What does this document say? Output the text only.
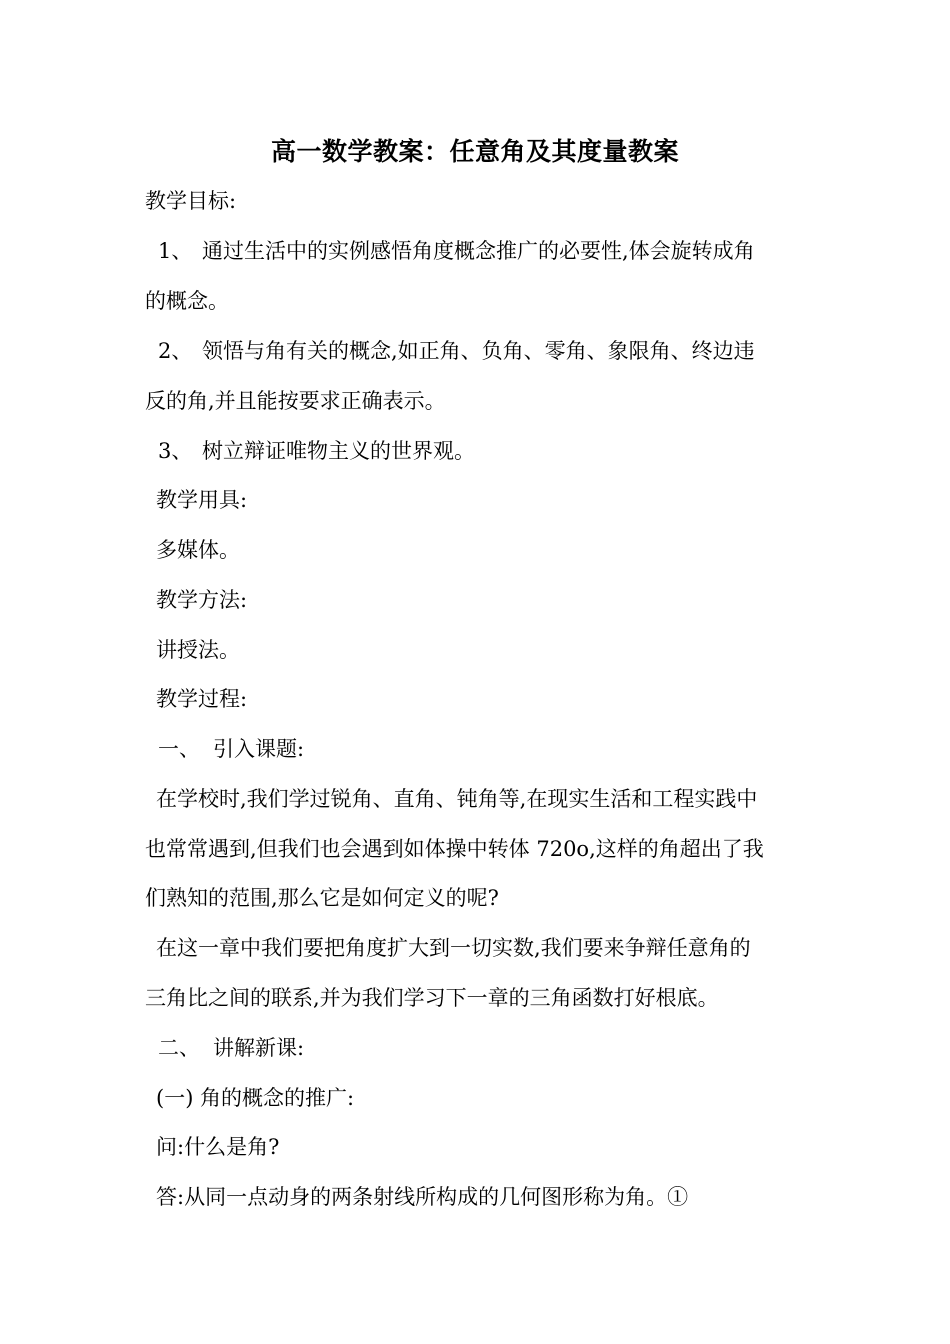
高一数学教案：任意角及其度量教案
教学目标:
1、 通过生活中的实例感悟角度概念推广的必要性,体会旋转成角
的概念。
2、 领悟与角有关的概念,如正角、负角、零角、象限角、终边违
反的角,并且能按要求正确表示。
3、 树立辩证唯物主义的世界观。
教学用具:
多媒体。
教学方法:
讲授法。
教学过程:
一、 引入课题:
在学校时,我们学过锐角、直角、钝角等,在现实生活和工程实践中
也常常遇到,但我们也会遇到如体操中转体 720o,这样的角超出了我
们熟知的范围,那么它是如何定义的呢?
在这一章中我们要把角度扩大到一切实数,我们要来争辩任意角的
三角比之间的联系,并为我们学习下一章的三角函数打好根底。
二、 讲解新课:
(一) 角的概念的推广:
问:什么是角?
答:从同一点动身的两条射线所构成的几何图形称为角。①
